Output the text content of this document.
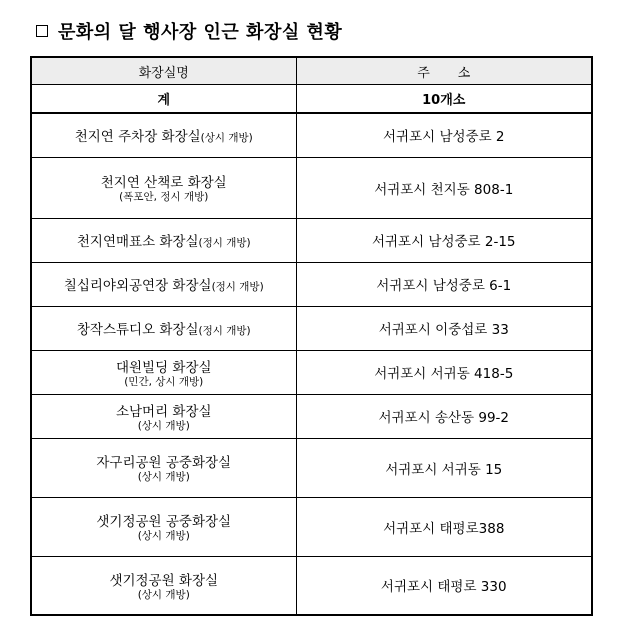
문화의 달 행사장 인근 화장실 현황
화장실명	주소
계	10개소
천지연 주차장 화장실(상시 개방)	서귀포시 남성중로 2
천지연 산책로 화장실
(폭포안, 정시 개방)	서귀포시 천지동 808-1
천지연매표소 화장실(정시 개방)	서귀포시 남성중로 2-15
칠십리야외공연장 화장실(정시 개방)	서귀포시 남성중로 6-1
창작스튜디오 화장실(정시 개방)	서귀포시 이중섭로 33
대원빌딩 화장실
(민간, 상시 개방)	서귀포시 서귀동 418-5
소남머리 화장실
(상시 개방)	서귀포시 송산동 99-2
자구리공원 공중화장실
(상시 개방)	서귀포시 서귀동 15
샛기정공원 공중화장실
(상시 개방)	서귀포시 태평로388
샛기정공원 화장실
(상시 개방)	서귀포시 태평로 330
